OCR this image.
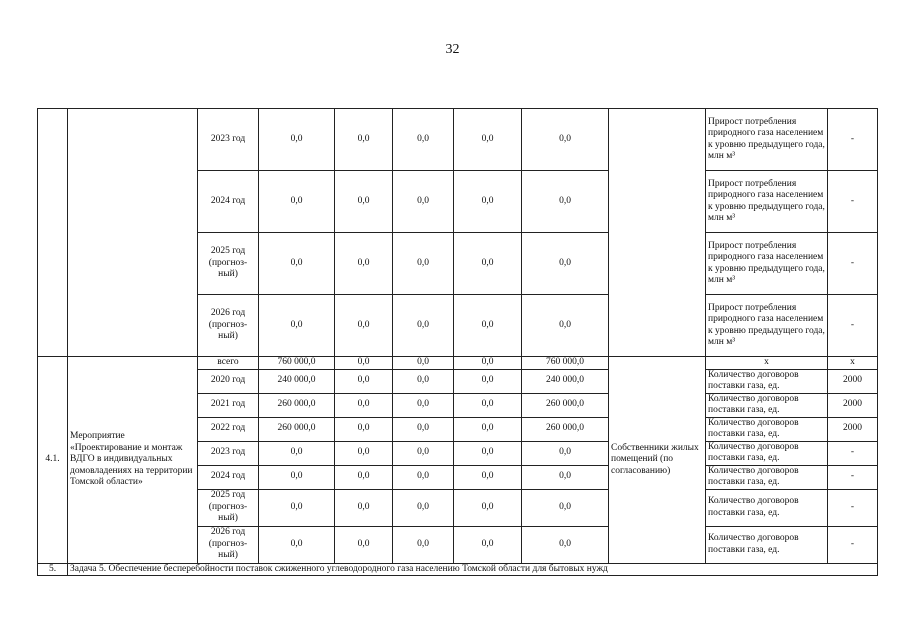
32
		2023 год	0,0	0,0	0,0	0,0	0,0		Прирост потребления природного газа населением к уровню предыдущего года, млн м³	-
		2024 год	0,0	0,0	0,0	0,0	0,0		Прирост потребления природного газа населением к уровню предыдущего года, млн м³	-
		2025 год (прогноз-ный)	0,0	0,0	0,0	0,0	0,0		Прирост потребления природного газа населением к уровню предыдущего года, млн м³	-
		2026 год (прогноз-ный)	0,0	0,0	0,0	0,0	0,0		Прирост потребления природного газа населением к уровню предыдущего года, млн м³	-
4.1.	Мероприятие «Проектирование и монтаж ВДГО в индивидуальных домовладениях на территории Томской области»	всего	760 000,0	0,0	0,0	0,0	760 000,0	Собственники жилых помещений (по согласованию)	х	х
		2020 год	240 000,0	0,0	0,0	0,0	240 000,0		Количество договоров поставки газа, ед.	2000
		2021 год	260 000,0	0,0	0,0	0,0	260 000,0		Количество договоров поставки газа, ед.	2000
		2022 год	260 000,0	0,0	0,0	0,0	260 000,0		Количество договоров поставки газа, ед.	2000
		2023 год	0,0	0,0	0,0	0,0	0,0		Количество договоров поставки газа, ед.	-
		2024 год	0,0	0,0	0,0	0,0	0,0		Количество договоров поставки газа, ед.	-
		2025 год (прогноз-ный)	0,0	0,0	0,0	0,0	0,0		Количество договоров поставки газа, ед.	-
		2026 год (прогноз-ный)	0,0	0,0	0,0	0,0	0,0		Количество договоров поставки газа, ед.	-
5.	Задача 5. Обеспечение бесперебойности поставок сжиженного углеводородного газа населению Томской области для бытовых нужд									
